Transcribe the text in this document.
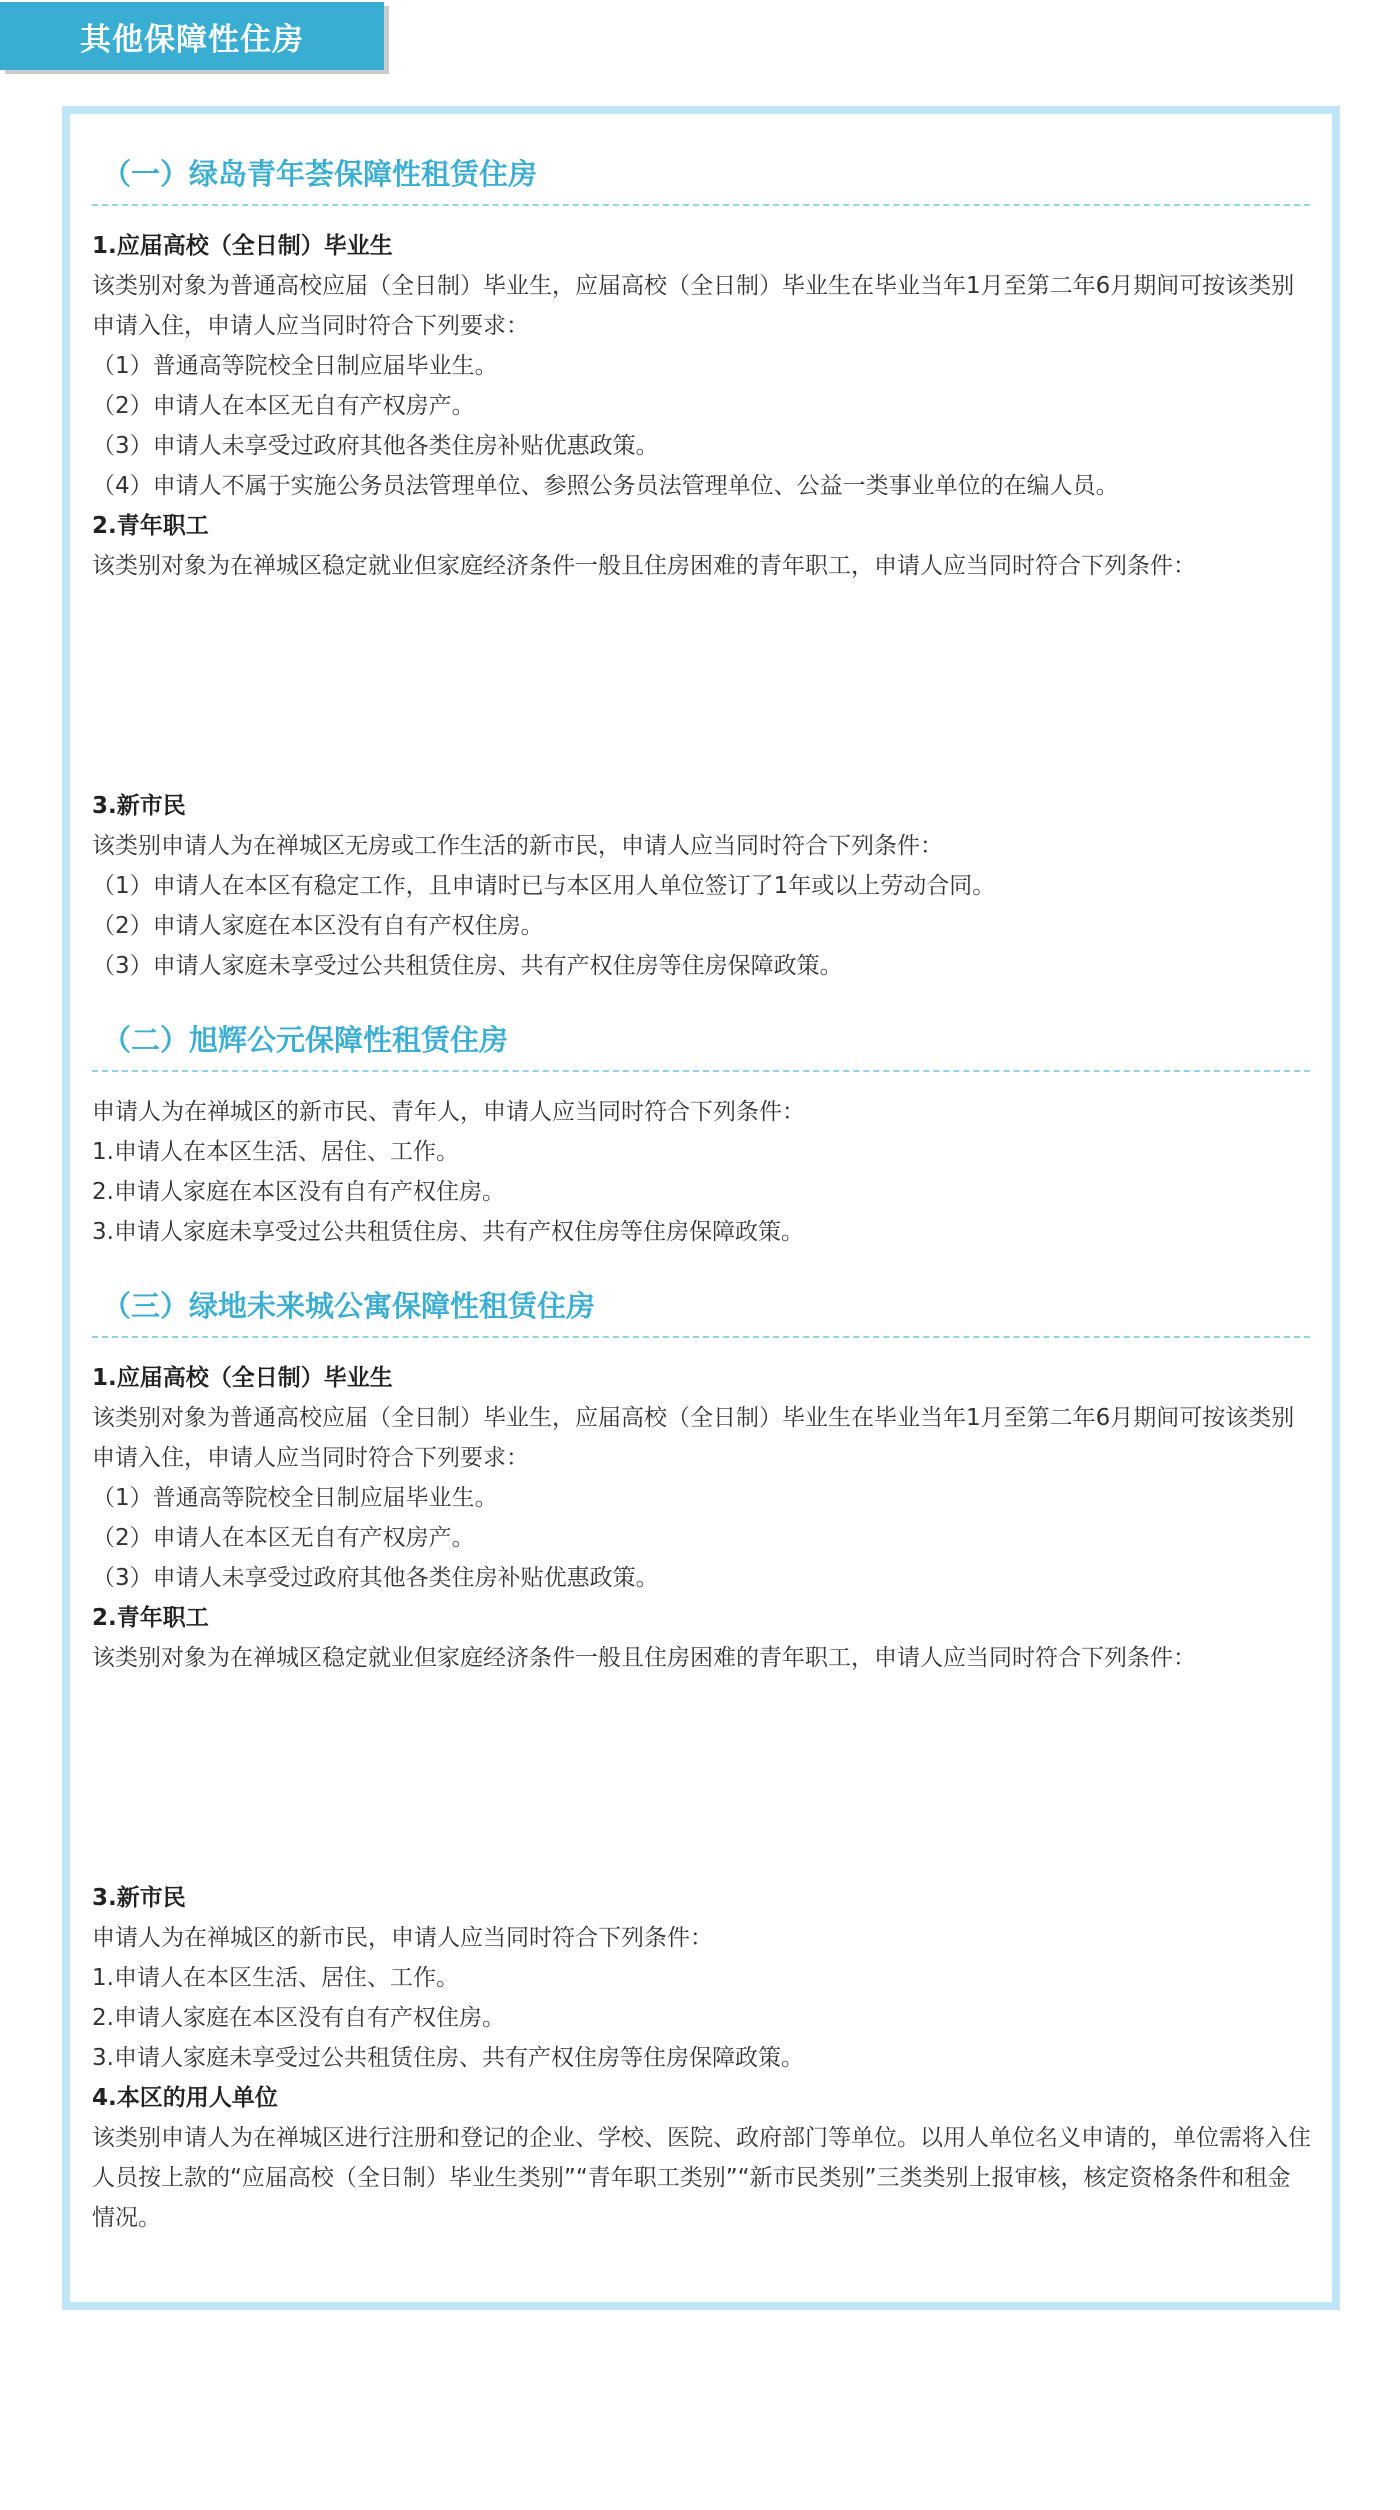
其他保障性住房
（一）绿岛青年荟保障性租赁住房
1.应届高校（全日制）毕业生
该类别对象为普通高校应届（全日制）毕业生，应届高校（全日制）毕业生在毕业当年1月至第二年6月期间可按该类别申请入住，申请人应当同时符合下列要求：
（1）普通高等院校全日制应届毕业生。
（2）申请人在本区无自有产权房产。
（3）申请人未享受过政府其他各类住房补贴优惠政策。
（4）申请人不属于实施公务员法管理单位、参照公务员法管理单位、公益一类事业单位的在编人员。
2.青年职工
该类别对象为在禅城区稳定就业但家庭经济条件一般且住房困难的青年职工，申请人应当同时符合下列条件：
3.新市民
该类别申请人为在禅城区无房或工作生活的新市民，申请人应当同时符合下列条件：
（1）申请人在本区有稳定工作，且申请时已与本区用人单位签订了1年或以上劳动合同。
（2）申请人家庭在本区没有自有产权住房。
（3）申请人家庭未享受过公共租赁住房、共有产权住房等住房保障政策。
（二）旭辉公元保障性租赁住房
申请人为在禅城区的新市民、青年人，申请人应当同时符合下列条件：
1.申请人在本区生活、居住、工作。
2.申请人家庭在本区没有自有产权住房。
3.申请人家庭未享受过公共租赁住房、共有产权住房等住房保障政策。
（三）绿地未来城公寓保障性租赁住房
1.应届高校（全日制）毕业生
该类别对象为普通高校应届（全日制）毕业生，应届高校（全日制）毕业生在毕业当年1月至第二年6月期间可按该类别申请入住，申请人应当同时符合下列要求：
（1）普通高等院校全日制应届毕业生。
（2）申请人在本区无自有产权房产。
（3）申请人未享受过政府其他各类住房补贴优惠政策。
2.青年职工
该类别对象为在禅城区稳定就业但家庭经济条件一般且住房困难的青年职工，申请人应当同时符合下列条件：
3.新市民
申请人为在禅城区的新市民，申请人应当同时符合下列条件：
1.申请人在本区生活、居住、工作。
2.申请人家庭在本区没有自有产权住房。
3.申请人家庭未享受过公共租赁住房、共有产权住房等住房保障政策。
4.本区的用人单位
该类别申请人为在禅城区进行注册和登记的企业、学校、医院、政府部门等单位。以用人单位名义申请的，单位需将入住人员按上款的“应届高校（全日制）毕业生类别”“青年职工类别”“新市民类别”三类类别上报审核，核定资格条件和租金情况。
